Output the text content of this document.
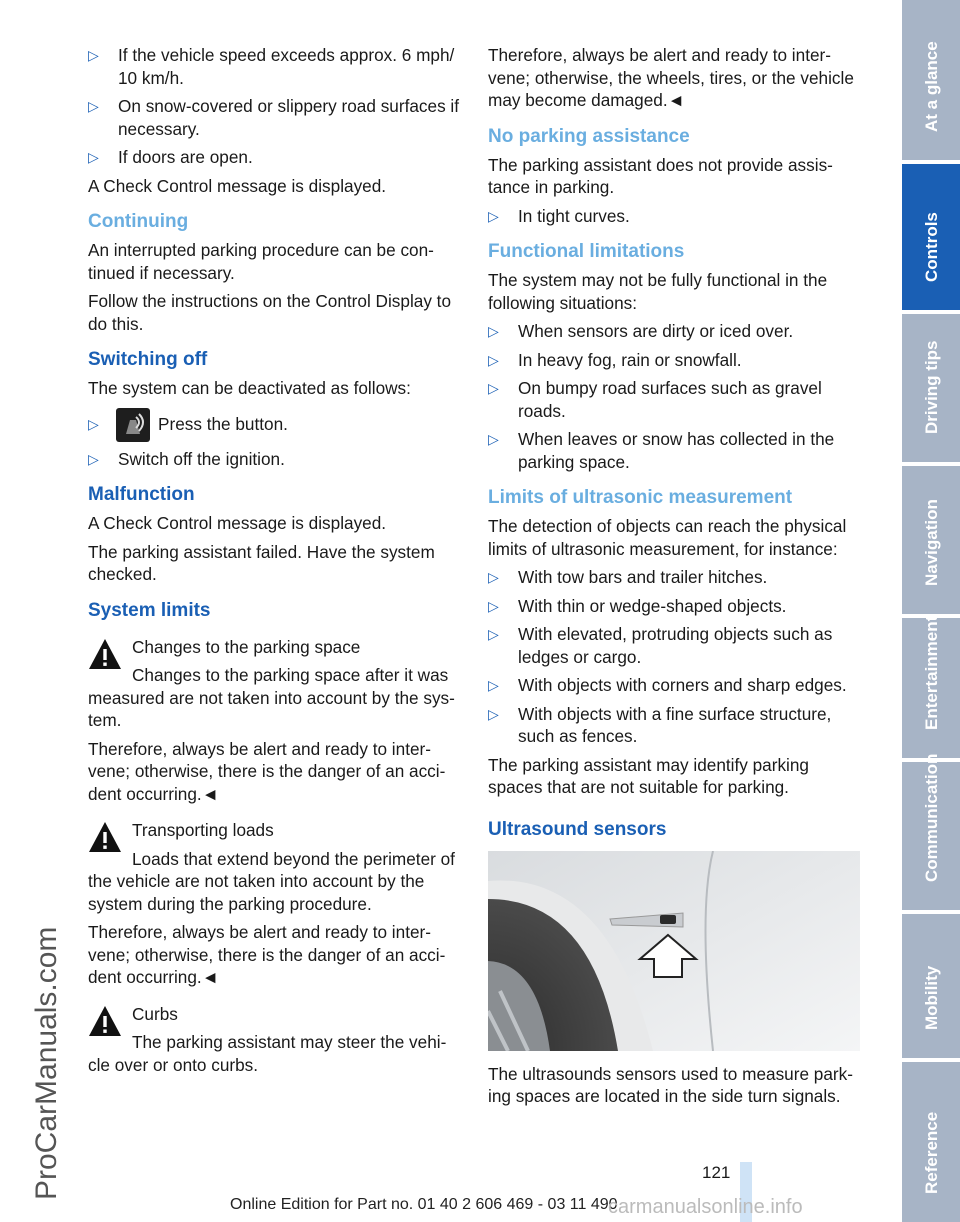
▷ If the vehicle speed exceeds approx. 6 mph/ 10 km/h.
▷ On snow-covered or slippery road surfaces if necessary.
▷ If doors are open.

A Check Control message is displayed.

Continuing

An interrupted parking procedure can be con-tinued if necessary.

Follow the instructions on the Control Display to do this.

Switching off

The system can be deactivated as follows:

▷	Press the button.
▷ Switch off the ignition.
Malfunction

A Check Control message is displayed.

The parking assistant failed. Have the system checked.

System limits
Changes to the parking space
Changes to the parking space after it was measured are not taken into account by the sys-tem.

Therefore, always be alert and ready to inter-vene; otherwise, there is the danger of an acci-dent occurring.◄

Transporting loads
Loads that extend beyond the perimeter of the vehicle are not taken into account by the system during the parking procedure.

Therefore, always be alert and ready to inter-vene; otherwise, there is the danger of an acci-dent occurring.◄

Curbs
The parking assistant may steer the vehi-cle over or onto curbs.

Therefore, always be alert and ready to inter-vene; otherwise, the wheels, tires, or the vehicle may become damaged.◄

No parking assistance

The parking assistant does not provide assis-tance in parking.

▷ In tight curves.
Functional limitations

The system may not be fully functional in the following situations:

▷ When sensors are dirty or iced over.
▷ In heavy fog, rain or snowfall.
▷ On bumpy road surfaces such as gravel roads.
▷ When leaves or snow has collected in the parking space.
Limits of ultrasonic measurement

The detection of objects can reach the physical limits of ultrasonic measurement, for instance:

▷ With tow bars and trailer hitches.
▷ With thin or wedge-shaped objects.
▷ With elevated, protruding objects such as ledges or cargo.
▷ With objects with corners and sharp edges.
▷ With objects with a fine surface structure, such as fences.

The parking assistant may identify parking spaces that are not suitable for parking.

Ultrasound sensors

The ultrasounds sensors used to measure park-ing spaces are located in the side turn signals.

121
Online Edition for Part no. 01 40 2 606 469 - 03 11 490
carmanualsonline.info
ProCarManuals.com
At a glance
Controls
Driving tips
Navigation
Entertainment
Communication
Mobility
Reference
